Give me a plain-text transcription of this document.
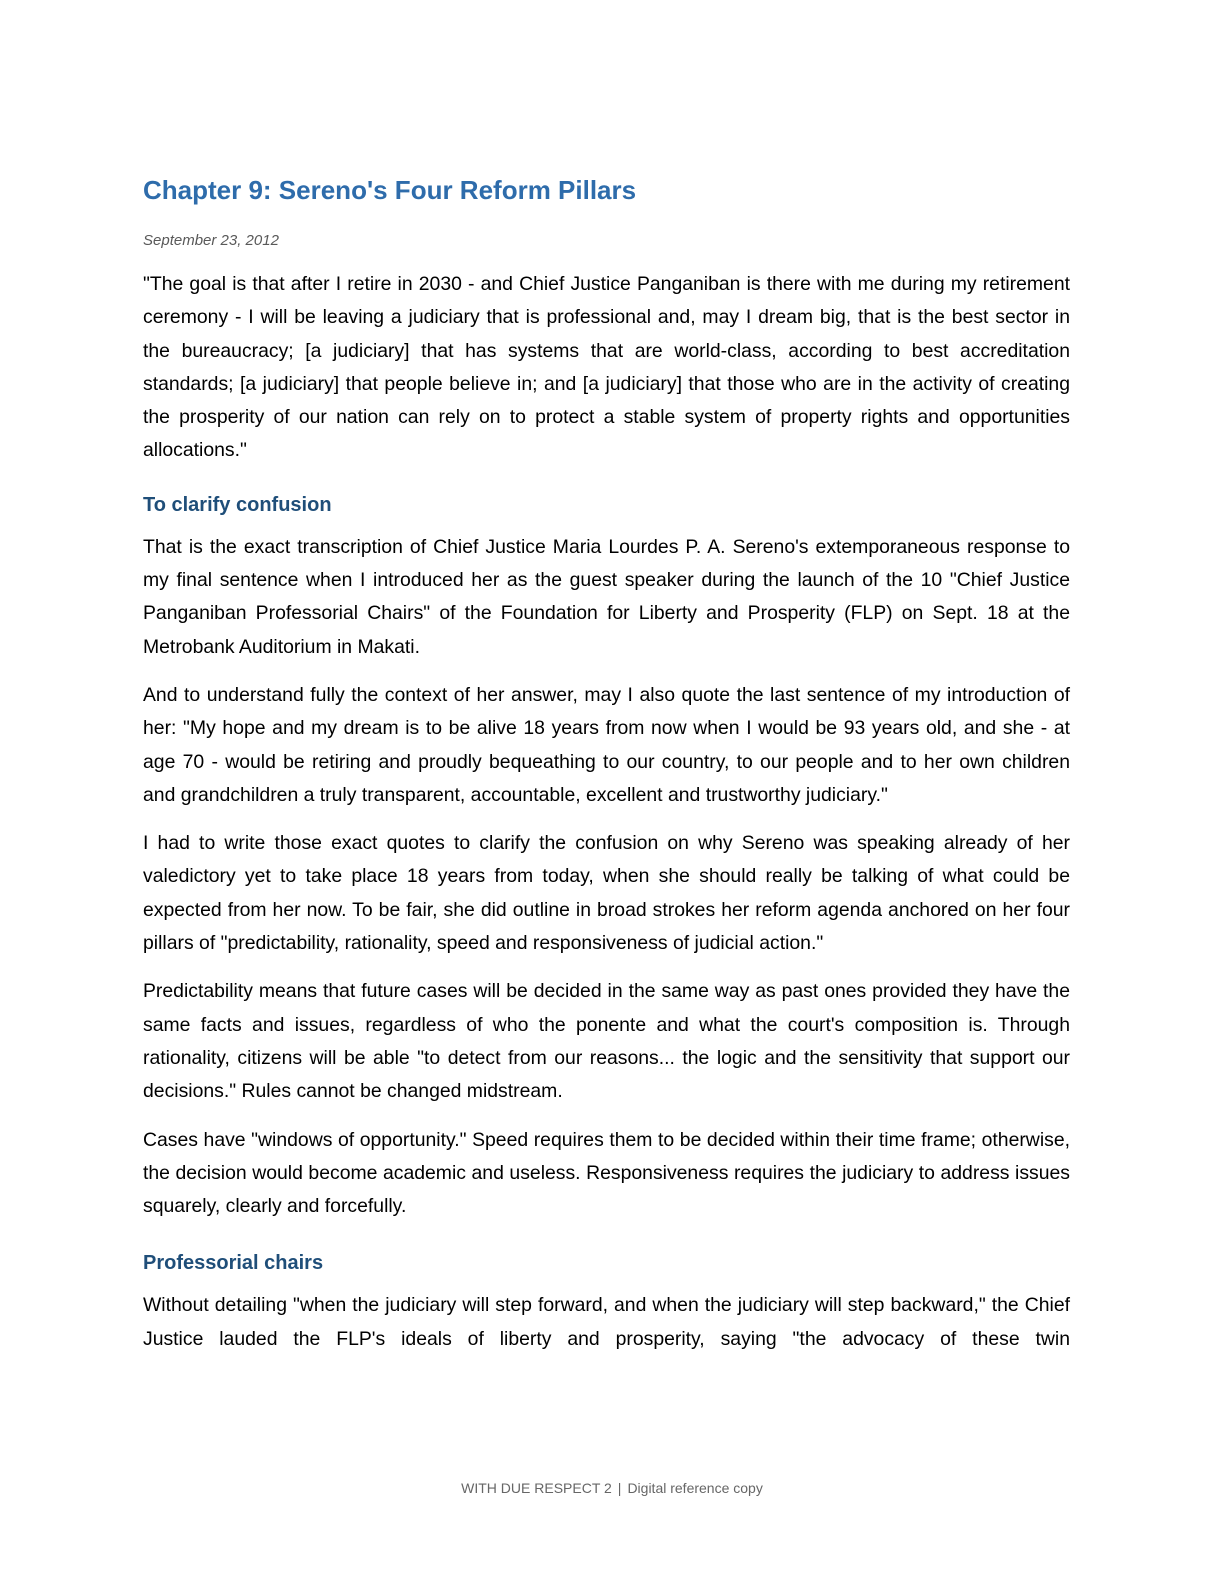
Chapter 9: Sereno's Four Reform Pillars
September 23, 2012

"The goal is that after I retire in 2030 - and Chief Justice Panganiban is there with me during my retirement ceremony - I will be leaving a judiciary that is professional and, may I dream big, that is the best sector in the bureaucracy; [a judiciary] that has systems that are world-class, according to best accreditation standards; [a judiciary] that people believe in; and [a judiciary] that those who are in the activity of creating the prosperity of our nation can rely on to protect a stable system of property rights and opportunities allocations."

To clarify confusion

That is the exact transcription of Chief Justice Maria Lourdes P. A. Sereno's extemporaneous response to my final sentence when I introduced her as the guest speaker during the launch of the 10 "Chief Justice Panganiban Professorial Chairs" of the Foundation for Liberty and Prosperity (FLP) on Sept. 18 at the Metrobank Auditorium in Makati.

And to understand fully the context of her answer, may I also quote the last sentence of my introduction of her: "My hope and my dream is to be alive 18 years from now when I would be 93 years old, and she - at age 70 - would be retiring and proudly bequeathing to our country, to our people and to her own children and grandchildren a truly transparent, accountable, excellent and trustworthy judiciary."

I had to write those exact quotes to clarify the confusion on why Sereno was speaking already of her valedictory yet to take place 18 years from today, when she should really be talking of what could be expected from her now. To be fair, she did outline in broad strokes her reform agenda anchored on her four pillars of "predictability, rationality, speed and responsiveness of judicial action."

Predictability means that future cases will be decided in the same way as past ones provided they have the same facts and issues, regardless of who the ponente and what the court's composition is. Through rationality, citizens will be able "to detect from our reasons... the logic and the sensitivity that support our decisions." Rules cannot be changed midstream.

Cases have "windows of opportunity." Speed requires them to be decided within their time frame; otherwise, the decision would become academic and useless. Responsiveness requires the judiciary to address issues squarely, clearly and forcefully.

Professorial chairs

Without detailing "when the judiciary will step forward, and when the judiciary will step backward," the Chief Justice lauded the FLP's ideals of liberty and prosperity, saying "the advocacy of these twin

WITH DUE RESPECT 2 | Digital reference copy
